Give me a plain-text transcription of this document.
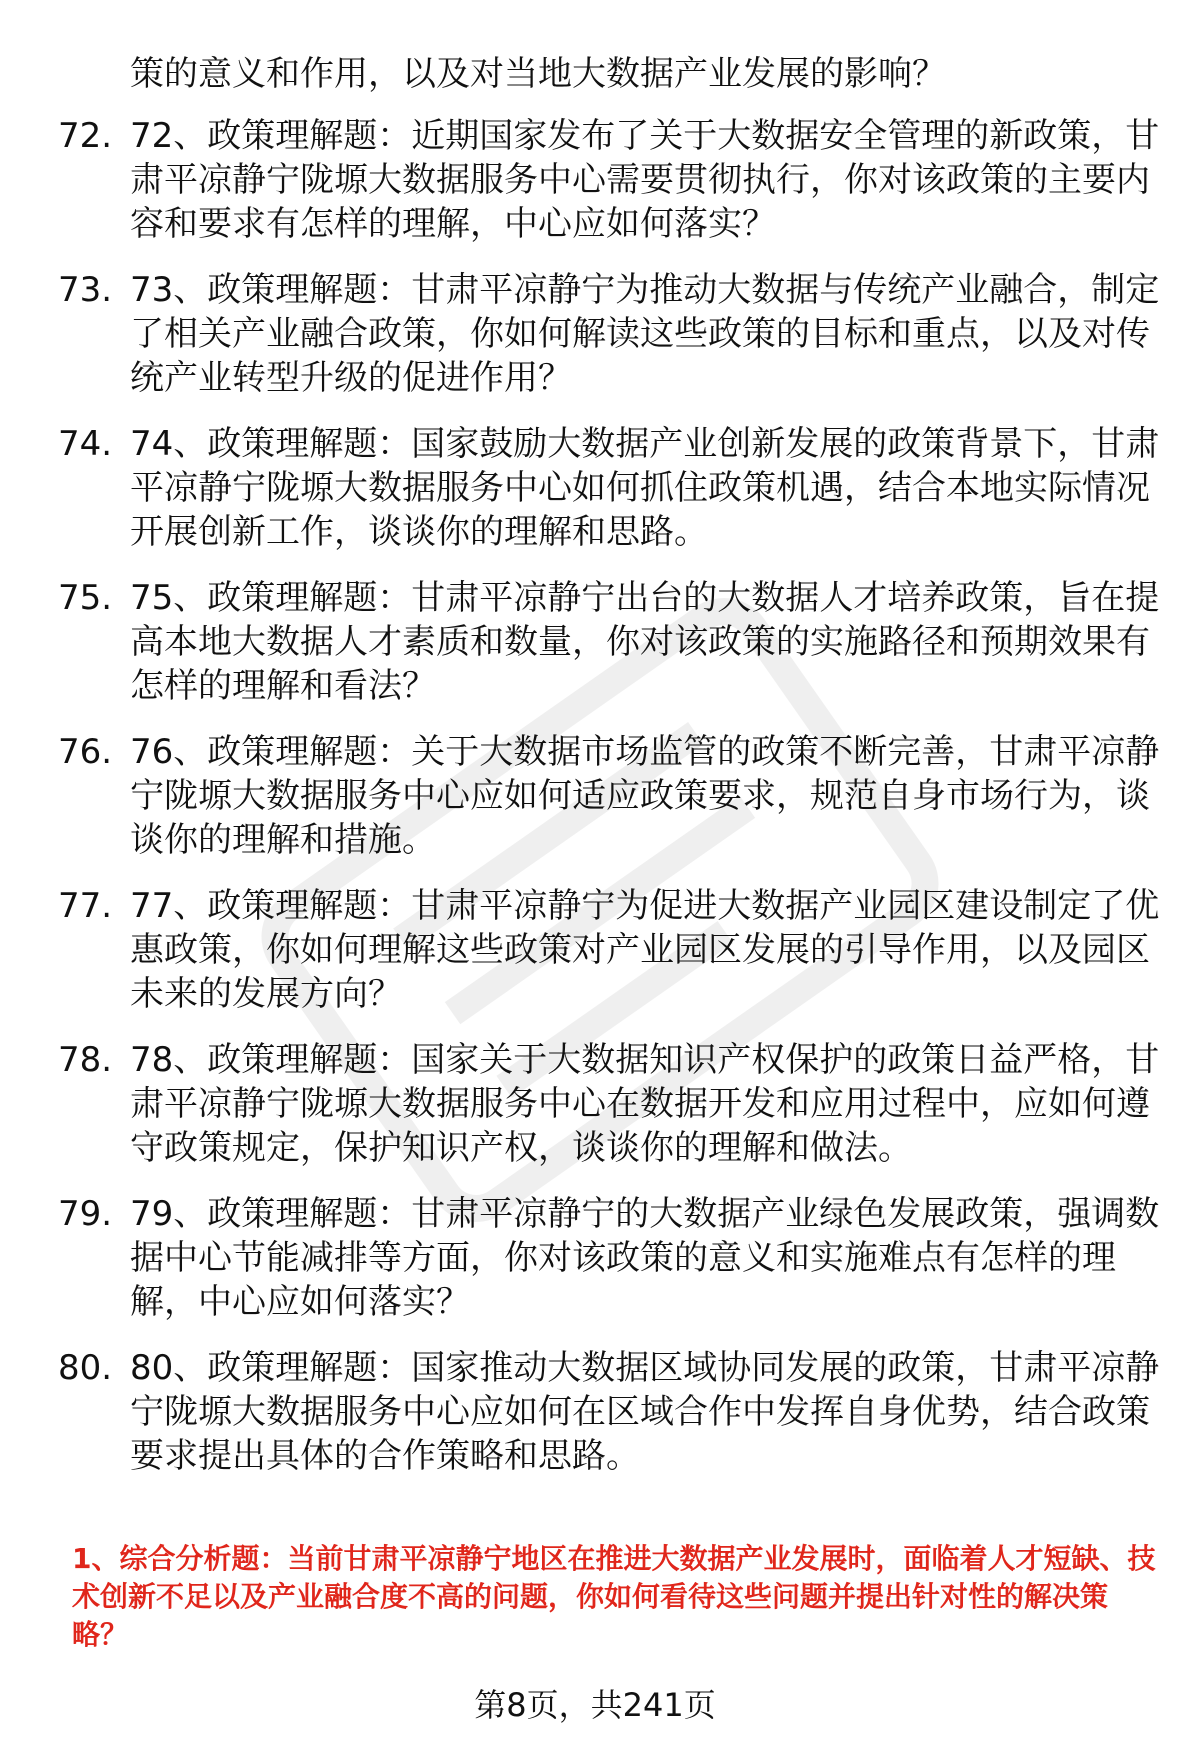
策的意义和作用，以及对当地大数据产业发展的影响？
72. 72、政策理解题：近期国家发布了关于大数据安全管理的新政策，甘肃平凉静宁陇塬大数据服务中心需要贯彻执行，你对该政策的主要内容和要求有怎样的理解，中心应如何落实？
73. 73、政策理解题：甘肃平凉静宁为推动大数据与传统产业融合，制定了相关产业融合政策，你如何解读这些政策的目标和重点，以及对传统产业转型升级的促进作用？
74. 74、政策理解题：国家鼓励大数据产业创新发展的政策背景下，甘肃平凉静宁陇塬大数据服务中心如何抓住政策机遇，结合本地实际情况开展创新工作，谈谈你的理解和思路。
75. 75、政策理解题：甘肃平凉静宁出台的大数据人才培养政策，旨在提高本地大数据人才素质和数量，你对该政策的实施路径和预期效果有怎样的理解和看法？
76. 76、政策理解题：关于大数据市场监管的政策不断完善，甘肃平凉静宁陇塬大数据服务中心应如何适应政策要求，规范自身市场行为，谈谈你的理解和措施。
77. 77、政策理解题：甘肃平凉静宁为促进大数据产业园区建设制定了优惠政策，你如何理解这些政策对产业园区发展的引导作用，以及园区未来的发展方向？
78. 78、政策理解题：国家关于大数据知识产权保护的政策日益严格，甘肃平凉静宁陇塬大数据服务中心在数据开发和应用过程中，应如何遵守政策规定，保护知识产权，谈谈你的理解和做法。
79. 79、政策理解题：甘肃平凉静宁的大数据产业绿色发展政策，强调数据中心节能减排等方面，你对该政策的意义和实施难点有怎样的理解，中心应如何落实？
80. 80、政策理解题：国家推动大数据区域协同发展的政策，甘肃平凉静宁陇塬大数据服务中心应如何在区域合作中发挥自身优势，结合政策要求提出具体的合作策略和思路。
1、综合分析题：当前甘肃平凉静宁地区在推进大数据产业发展时，面临着人才短缺、技术创新不足以及产业融合度不高的问题，你如何看待这些问题并提出针对性的解决策略？
第8页，共241页
